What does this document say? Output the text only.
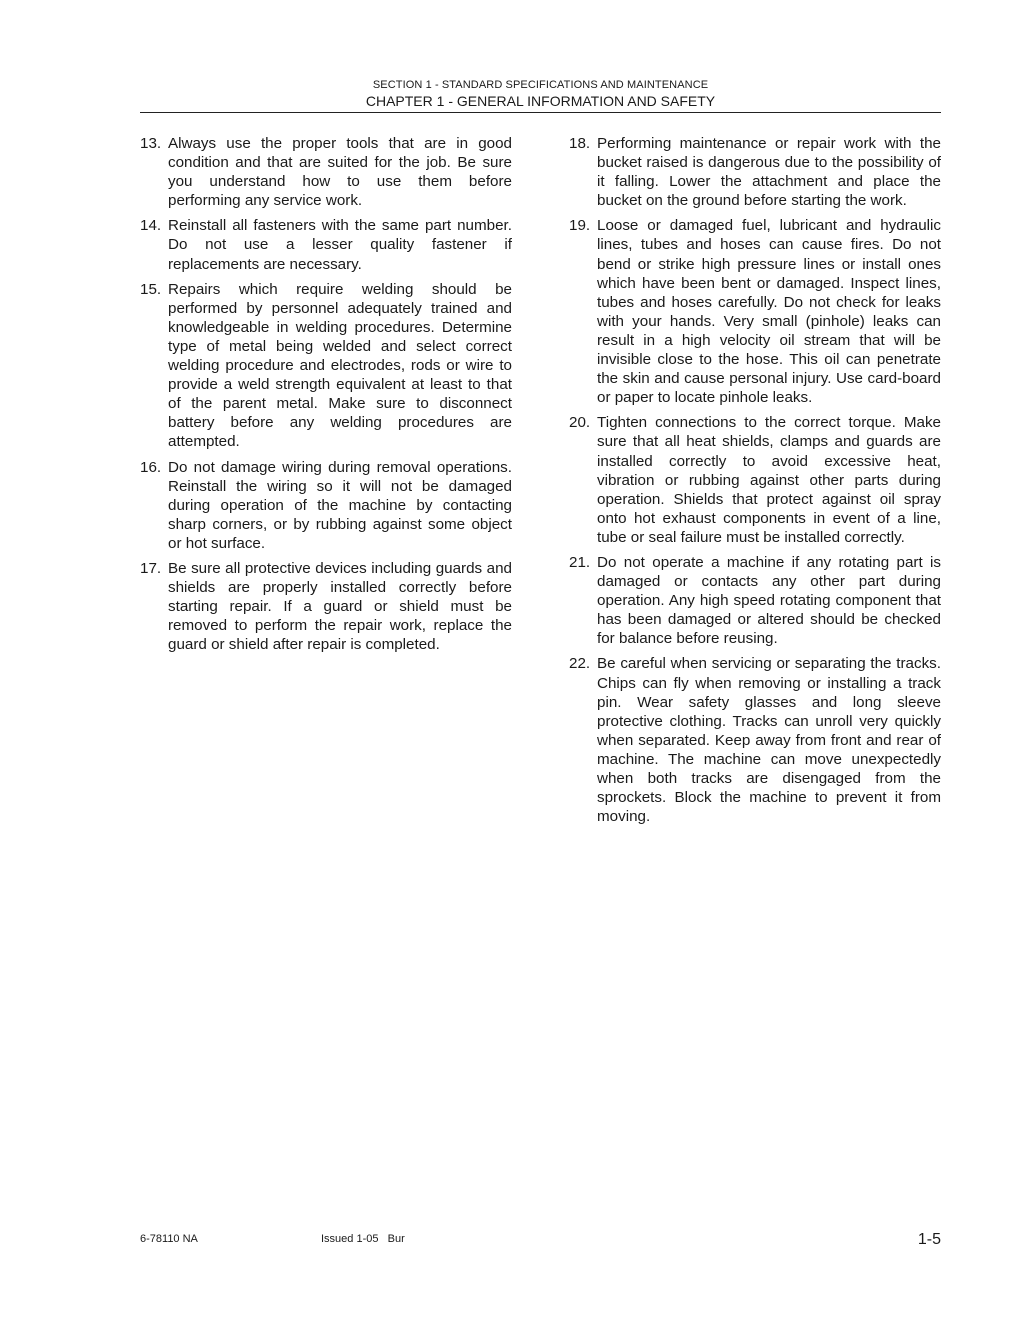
SECTION 1 - STANDARD SPECIFICATIONS AND MAINTENANCE
CHAPTER 1 - GENERAL INFORMATION AND SAFETY
13. Always use the proper tools that are in good condition and that are suited for the job. Be sure you understand how to use them before performing any service work.
14. Reinstall all fasteners with the same part number. Do not use a lesser quality fastener if replacements are necessary.
15. Repairs which require welding should be performed by personnel adequately trained and knowledgeable in welding procedures. Determine type of metal being welded and select correct welding procedure and electrodes, rods or wire to provide a weld strength equivalent at least to that of the parent metal. Make sure to disconnect battery before any welding procedures are attempted.
16. Do not damage wiring during removal operations. Reinstall the wiring so it will not be damaged during operation of the machine by contacting sharp corners, or by rubbing against some object or hot surface.
17. Be sure all protective devices including guards and shields are properly installed correctly before starting repair. If a guard or shield must be removed to perform the repair work, replace the guard or shield after repair is completed.
18. Performing maintenance or repair work with the bucket raised is dangerous due to the possibility of it falling. Lower the attachment and place the bucket on the ground before starting the work.
19. Loose or damaged fuel, lubricant and hydraulic lines, tubes and hoses can cause fires. Do not bend or strike high pressure lines or install ones which have been bent or damaged. Inspect lines, tubes and hoses carefully. Do not check for leaks with your hands. Very small (pinhole) leaks can result in a high velocity oil stream that will be invisible close to the hose. This oil can penetrate the skin and cause personal injury. Use card-board or paper to locate pinhole leaks.
20. Tighten connections to the correct torque. Make sure that all heat shields, clamps and guards are installed correctly to avoid excessive heat, vibration or rubbing against other parts during operation. Shields that protect against oil spray onto hot exhaust components in event of a line, tube or seal failure must be installed correctly.
21. Do not operate a machine if any rotating part is damaged or contacts any other part during operation. Any high speed rotating component that has been damaged or altered should be checked for balance before reusing.
22. Be careful when servicing or separating the tracks. Chips can fly when removing or installing a track pin. Wear safety glasses and long sleeve protective clothing. Tracks can unroll very quickly when separated. Keep away from front and rear of machine. The machine can move unexpectedly when both tracks are disengaged from the sprockets. Block the machine to prevent it from moving.
6-78110 NA	Issued 1-05   Bur	1-5
